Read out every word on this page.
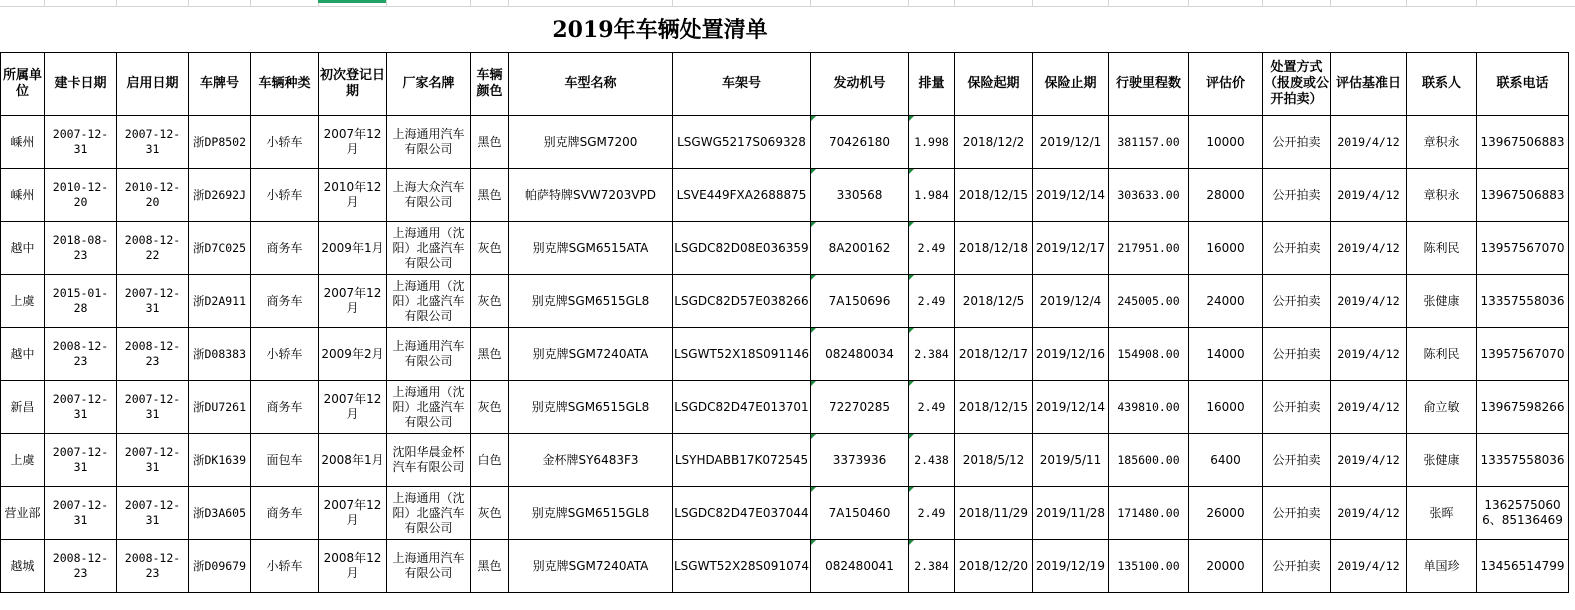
2019年车辆处置清单
所属单位	建卡日期	启用日期	车牌号	车辆种类	初次登记日期	厂家名牌	车辆颜色	车型名称	车架号	发动机号	排量	保险起期	保险止期	行驶里程数	评估价	处置方式（报废或公开拍卖）	评估基准日	联系人	联系电话
嵊州	2007-12-31	2007-12-31	浙DP8502	小轿车	2007年12月	上海通用汽车有限公司	黑色	别克牌SGM7200	LSGWG5217S069328	70426180	1.998	2018/12/2	2019/12/1	381157.00	10000	公开拍卖	2019/4/12	章积永	13967506883
嵊州	2010-12-20	2010-12-20	浙D2692J	小轿车	2010年12月	上海大众汽车有限公司	黑色	帕萨特牌SVW7203VPD	LSVE449FXA2688875	330568	1.984	2018/12/15	2019/12/14	303633.00	28000	公开拍卖	2019/4/12	章积永	13967506883
越中	2018-08-23	2008-12-22	浙D7C025	商务车	2009年1月	上海通用（沈阳）北盛汽车有限公司	灰色	别克牌SGM6515ATA	LSGDC82D08E036359	8A200162	2.49	2018/12/18	2019/12/17	217951.00	16000	公开拍卖	2019/4/12	陈利民	13957567070
上虞	2015-01-28	2007-12-31	浙D2A911	商务车	2007年12月	上海通用（沈阳）北盛汽车有限公司	灰色	别克牌SGM6515GL8	LSGDC82D57E038266	7A150696	2.49	2018/12/5	2019/12/4	245005.00	24000	公开拍卖	2019/4/12	张健康	13357558036
越中	2008-12-23	2008-12-23	浙D08383	小轿车	2009年2月	上海通用汽车有限公司	黑色	别克牌SGM7240ATA	LSGWT52X18S091146	082480034	2.384	2018/12/17	2019/12/16	154908.00	14000	公开拍卖	2019/4/12	陈利民	13957567070
新昌	2007-12-31	2007-12-31	浙DU7261	商务车	2007年12月	上海通用（沈阳）北盛汽车有限公司	灰色	别克牌SGM6515GL8	LSGDC82D47E013701	72270285	2.49	2018/12/15	2019/12/14	439810.00	16000	公开拍卖	2019/4/12	俞立敏	13967598266
上虞	2007-12-31	2007-12-31	浙DK1639	面包车	2008年1月	沈阳华晨金杯汽车有限公司	白色	金杯牌SY6483F3	LSYHDABB17K072545	3373936	2.438	2018/5/12	2019/5/11	185600.00	6400	公开拍卖	2019/4/12	张健康	13357558036
营业部	2007-12-31	2007-12-31	浙D3A605	商务车	2007年12月	上海通用（沈阳）北盛汽车有限公司	灰色	别克牌SGM6515GL8	LSGDC82D47E037044	7A150460	2.49	2018/11/29	2019/11/28	171480.00	26000	公开拍卖	2019/4/12	张晖	13625750606、85136469
越城	2008-12-23	2008-12-23	浙D09679	小轿车	2008年12月	上海通用汽车有限公司	黑色	别克牌SGM7240ATA	LSGWT52X28S091074	082480041	2.384	2018/12/20	2019/12/19	135100.00	20000	公开拍卖	2019/4/12	单国珍	13456514799
